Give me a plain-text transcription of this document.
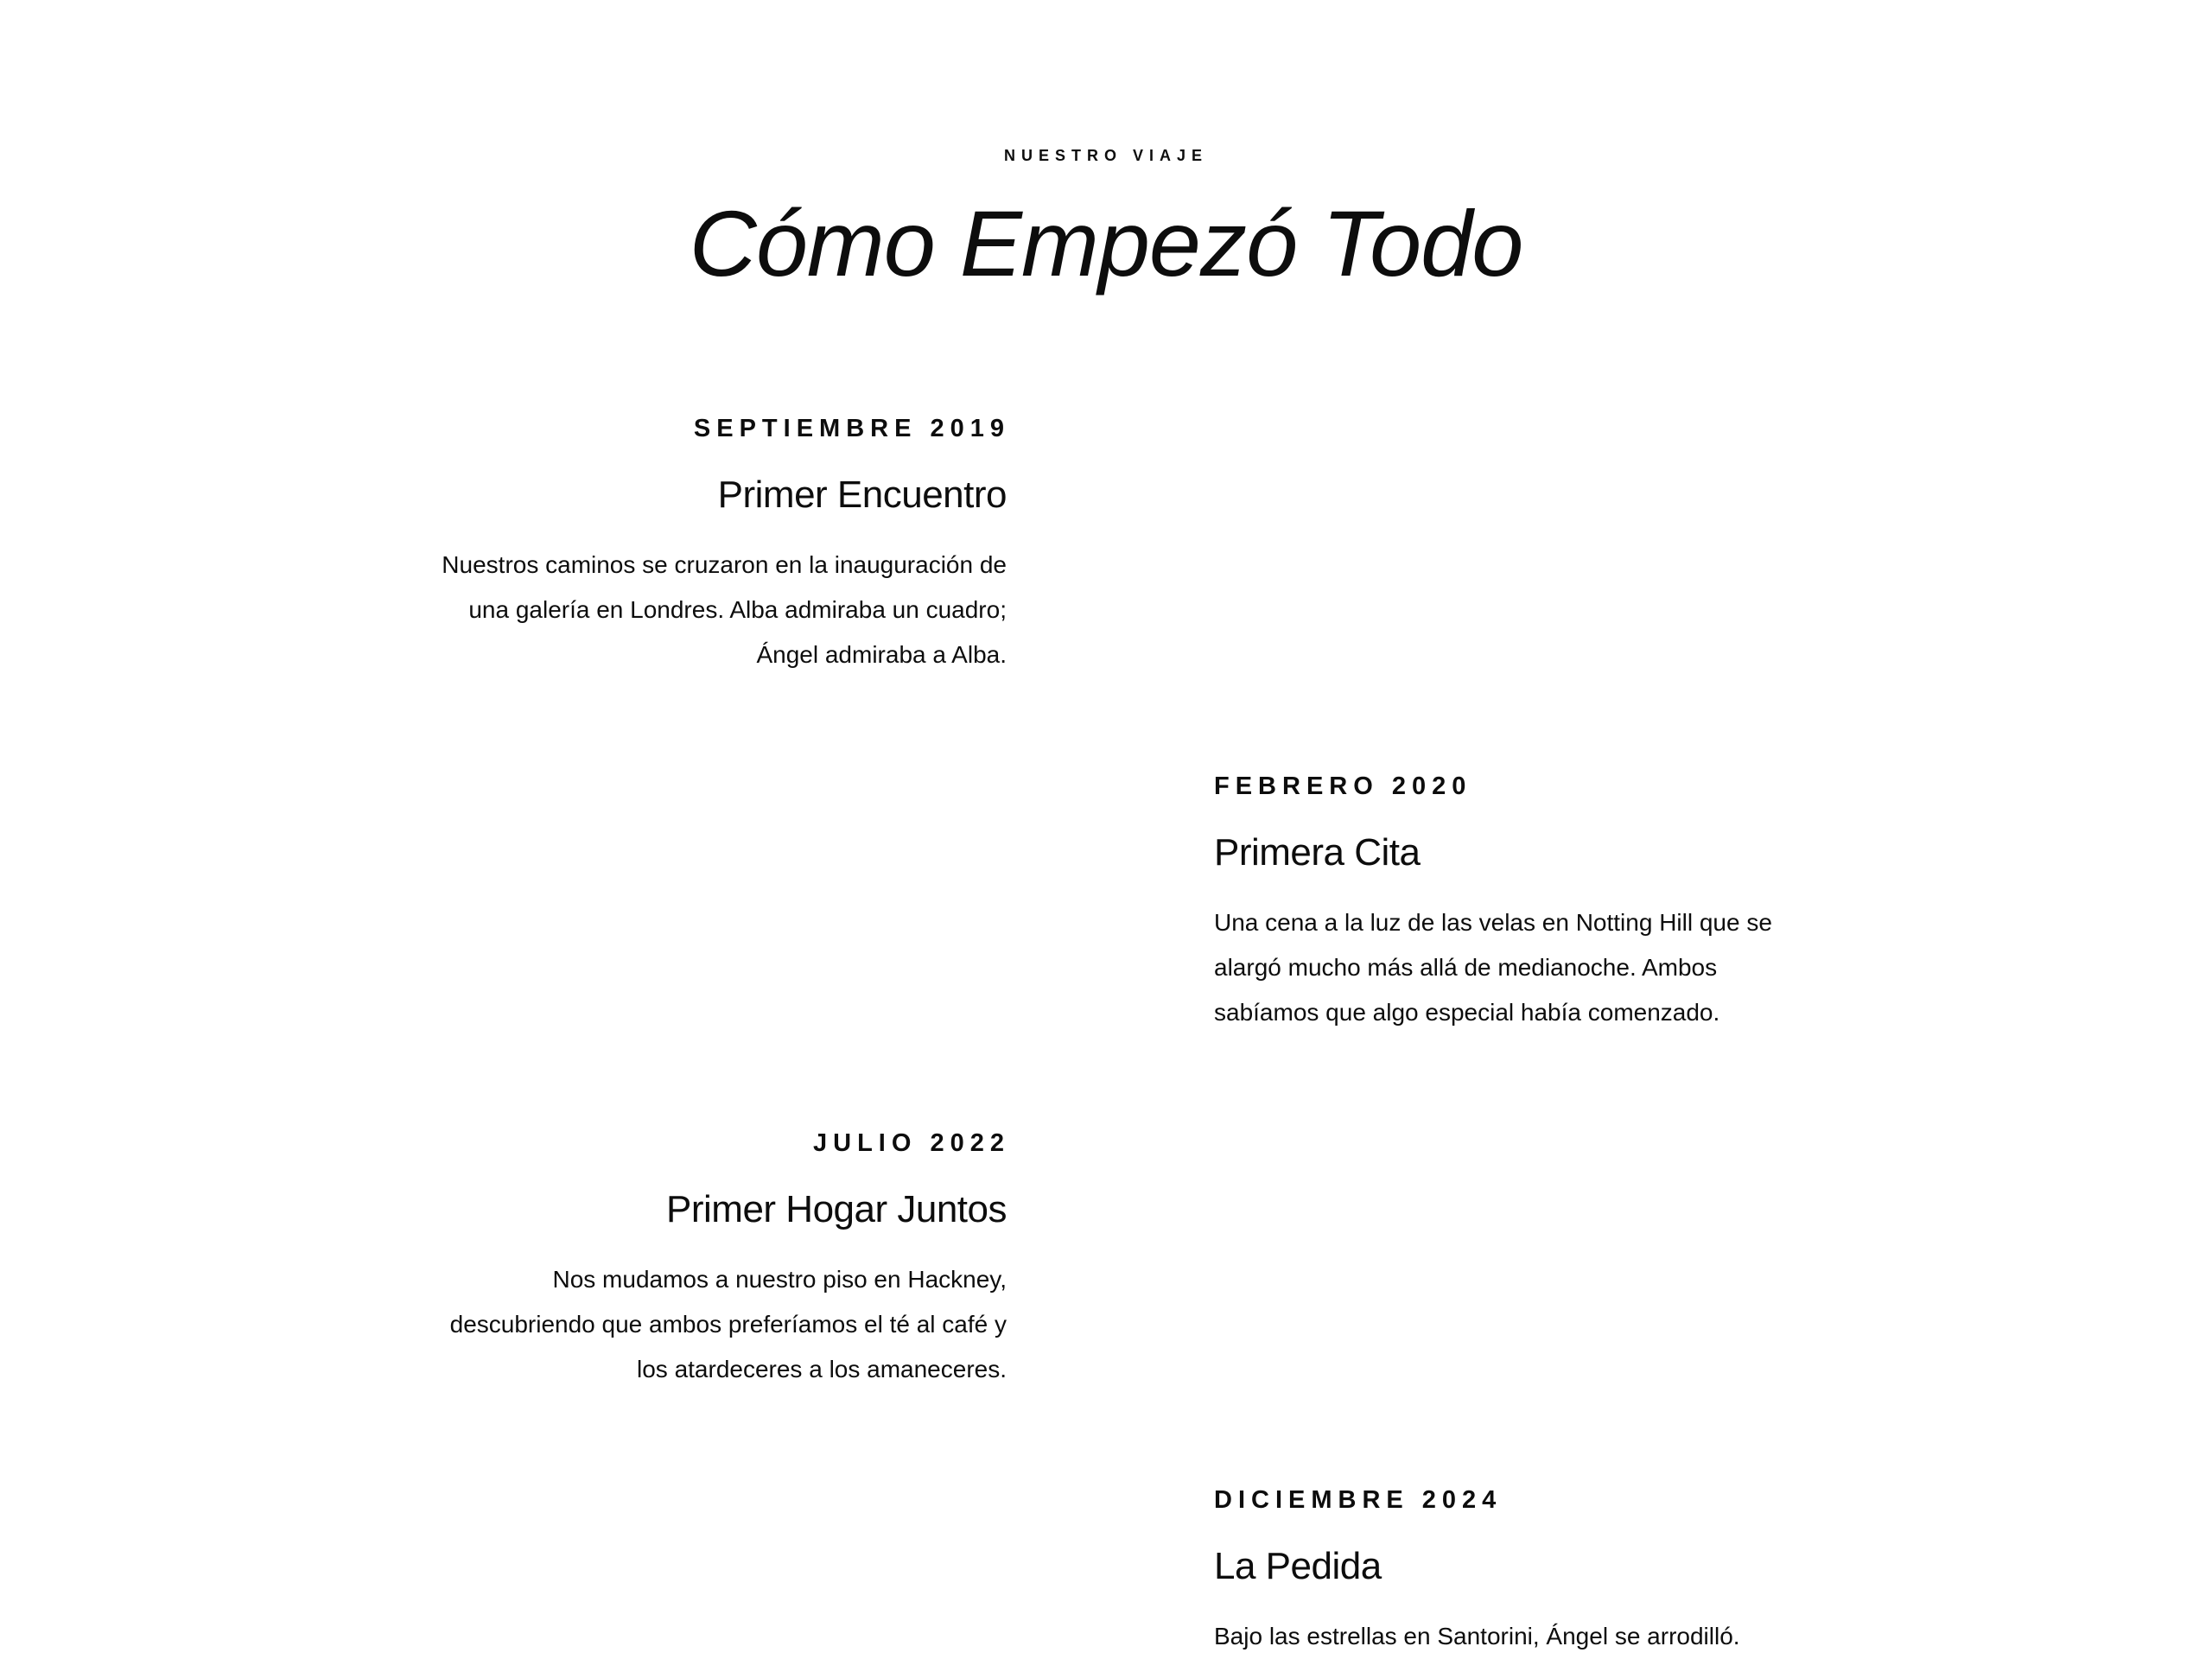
NUESTRO VIAJE
Cómo Empezó Todo
SEPTIEMBRE 2019
Primer Encuentro
Nuestros caminos se cruzaron en la inauguración de una galería en Londres. Alba admiraba un cuadro; Ángel admiraba a Alba.
FEBRERO 2020
Primera Cita
Una cena a la luz de las velas en Notting Hill que se alargó mucho más allá de medianoche. Ambos sabíamos que algo especial había comenzado.
JULIO 2022
Primer Hogar Juntos
Nos mudamos a nuestro piso en Hackney, descubriendo que ambos preferíamos el té al café y los atardeceres a los amaneceres.
DICIEMBRE 2024
La Pedida
Bajo las estrellas en Santorini, Ángel se arrodilló.
